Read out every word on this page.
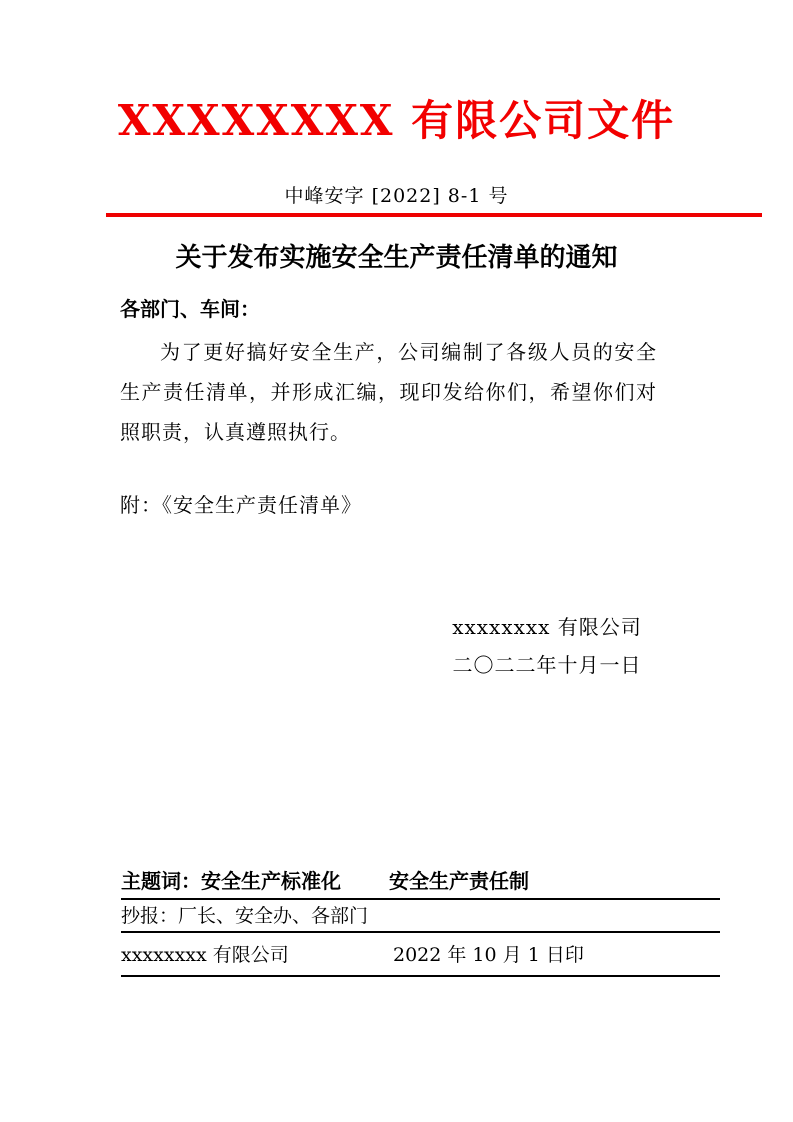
XXXXXXXX 有限公司文件
中峰安字 [2022] 8-1 号
关于发布实施安全生产责任清单的通知
各部门、车间：
为了更好搞好安全生产，公司编制了各级人员的安全生产责任清单，并形成汇编，现印发给你们，希望你们对照职责，认真遵照执行。
附：《安全生产责任清单》
xxxxxxxx 有限公司
二〇二二年十月一日
主题词：安全生产标准化 安全生产责任制
抄报：厂长、安全办、各部门
xxxxxxxx 有限公司	2022 年 10 月 1 日印
